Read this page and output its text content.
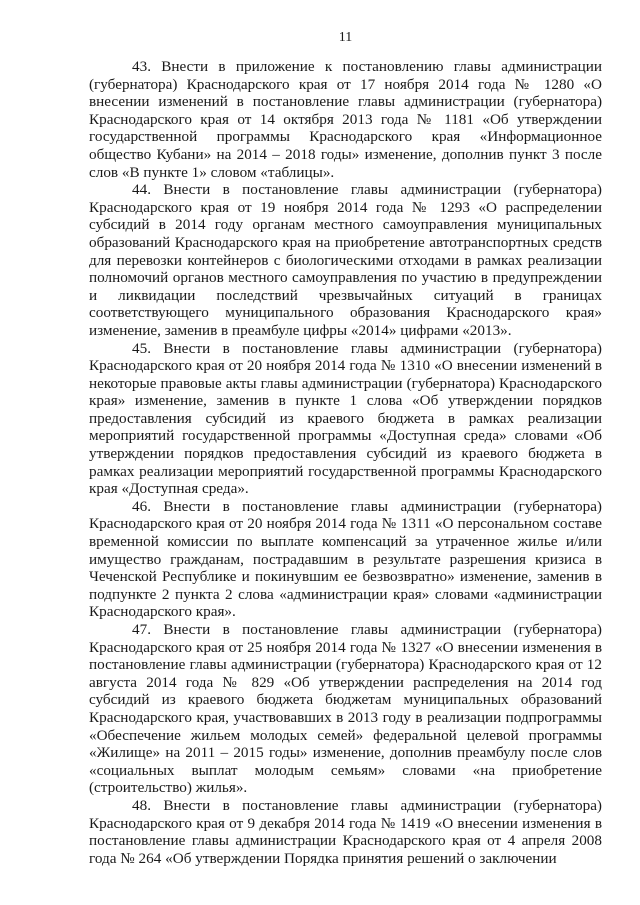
11

43. Внести в приложение к постановлению главы администрации (губернатора) Краснодарского края от 17 ноября 2014 года № 1280 «О внесении изменений в постановление главы администрации (губернатора) Краснодарского края от 14 октября 2013 года № 1181 «Об утверждении государственной программы Краснодарского края «Информационное общество Кубани» на 2014 – 2018 годы» изменение, дополнив пункт 3 после слов «В пункте 1» словом «таблицы».

44. Внести в постановление главы администрации (губернатора) Краснодарского края от 19 ноября 2014 года № 1293 «О распределении субсидий в 2014 году органам местного самоуправления муниципальных образований Краснодарского края на приобретение автотранспортных средств для перевозки контейнеров с биологическими отходами в рамках реализации полномочий органов местного самоуправления по участию в предупреждении и ликвидации последствий чрезвычайных ситуаций в границах соответствующего муниципального образования Краснодарского края» изменение, заменив в преамбуле цифры «2014» цифрами «2013».

45. Внести в постановление главы администрации (губернатора) Краснодарского края от 20 ноября 2014 года № 1310 «О внесении изменений в некоторые правовые акты главы администрации (губернатора) Краснодарского края» изменение, заменив в пункте 1 слова «Об утверждении порядков предоставления субсидий из краевого бюджета в рамках реализации мероприятий государственной программы «Доступная среда» словами «Об утверждении порядков предоставления субсидий из краевого бюджета в рамках реализации мероприятий государственной программы Краснодарского края «Доступная среда».

46. Внести в постановление главы администрации (губернатора) Краснодарского края от 20 ноября 2014 года № 1311 «О персональном составе временной комиссии по выплате компенсаций за утраченное жилье и/или имущество гражданам, пострадавшим в результате разрешения кризиса в Чеченской Республике и покинувшим ее безвозвратно» изменение, заменив в подпункте 2 пункта 2 слова «администрации края» словами «администрации Краснодарского края».

47. Внести в постановление главы администрации (губернатора) Краснодарского края от 25 ноября 2014 года № 1327 «О внесении изменения в постановление главы администрации (губернатора) Краснодарского края от 12 августа 2014 года № 829 «Об утверждении распределения на 2014 год субсидий из краевого бюджета бюджетам муниципальных образований Краснодарского края, участвовавших в 2013 году в реализации подпрограммы «Обеспечение жильем молодых семей» федеральной целевой программы «Жилище» на 2011 – 2015 годы» изменение, дополнив преамбулу после слов «социальных выплат молодым семьям» словами «на приобретение (строительство) жилья».

48. Внести в постановление главы администрации (губернатора) Краснодарского края от 9 декабря 2014 года № 1419 «О внесении изменения в постановление главы администрации Краснодарского края от 4 апреля 2008 года № 264 «Об утверждении Порядка принятия решений о заключении
